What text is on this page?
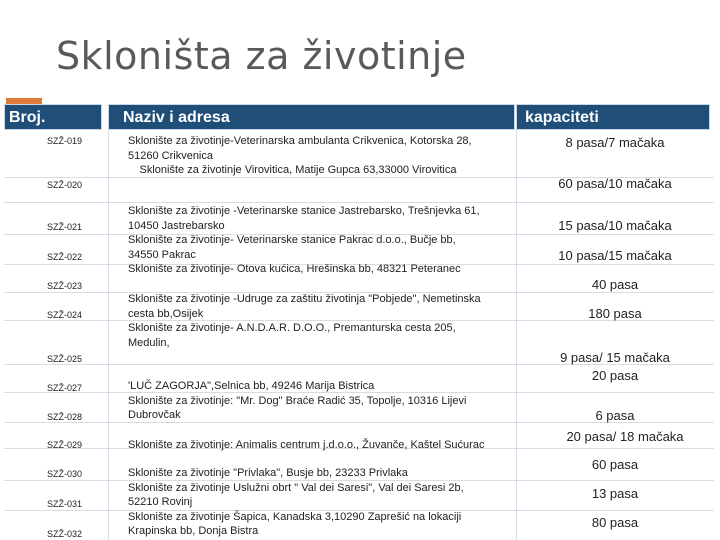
Skloništa za životinje
Broj.	Naziv i adresa	kapaciteti
SZŽ-019
SZŽ-020
SZŽ-021
SZŽ-022
SZŽ-023
SZŽ-024
SZŽ-025
SZŽ-027
SZŽ-028
SZŽ-029
SZŽ-030
SZŽ-031
SZŽ-032
Sklonište za životinje-Veterinarska ambulanta Crikvenica, Kotorska 28,
51260 Crikvenica
Sklonište za životinje Virovitica, Matije Gupca 63,33000 Virovitica
Sklonište za životinje -Veterinarske stanice Jastrebarsko, Trešnjevka 61,
10450 Jastrebarsko
Sklonište za životinje- Veterinarske stanice Pakrac d.o.o., Bučje bb,
34550 Pakrac
Sklonište za životinje- Otova kućica, Hrešinska bb, 48321 Peteranec
Sklonište za životinje -Udruge za zaštitu životinja "Pobjede", Nemetinska
cesta bb,Osijek
Sklonište za životinje- A.N.D.A.R. D.O.O., Premanturska cesta 205,
Medulin,
'LUČ ZAGORJA",Selnica bb, 49246 Marija Bistrica
Sklonište za životinje: "Mr. Dog" Braće Radić 35, Topolje, 10316 Lijevi
Dubrovčak
Sklonište za životinje: Animalis centrum j.d.o.o., Žuvanče, Kaštel Sućurac
Sklonište za životinje "Privlaka", Busje bb, 23233 Privlaka
Sklonište za životinje Uslužni obrt " Val dei Saresi", Val dei Saresi 2b,
52210 Rovinj
Sklonište za životinje Šapica, Kanadska 3,10290 Zaprešić na lokaciji
Krapinska bb, Donja Bistra
8 pasa/7 mačaka
60 pasa/10 mačaka
15 pasa/10 mačaka
10 pasa/15 mačaka
40 pasa
180 pasa
9 pasa/ 15 mačaka
20 pasa
6 pasa
20 pasa/ 18 mačaka
60 pasa
13 pasa
80 pasa
